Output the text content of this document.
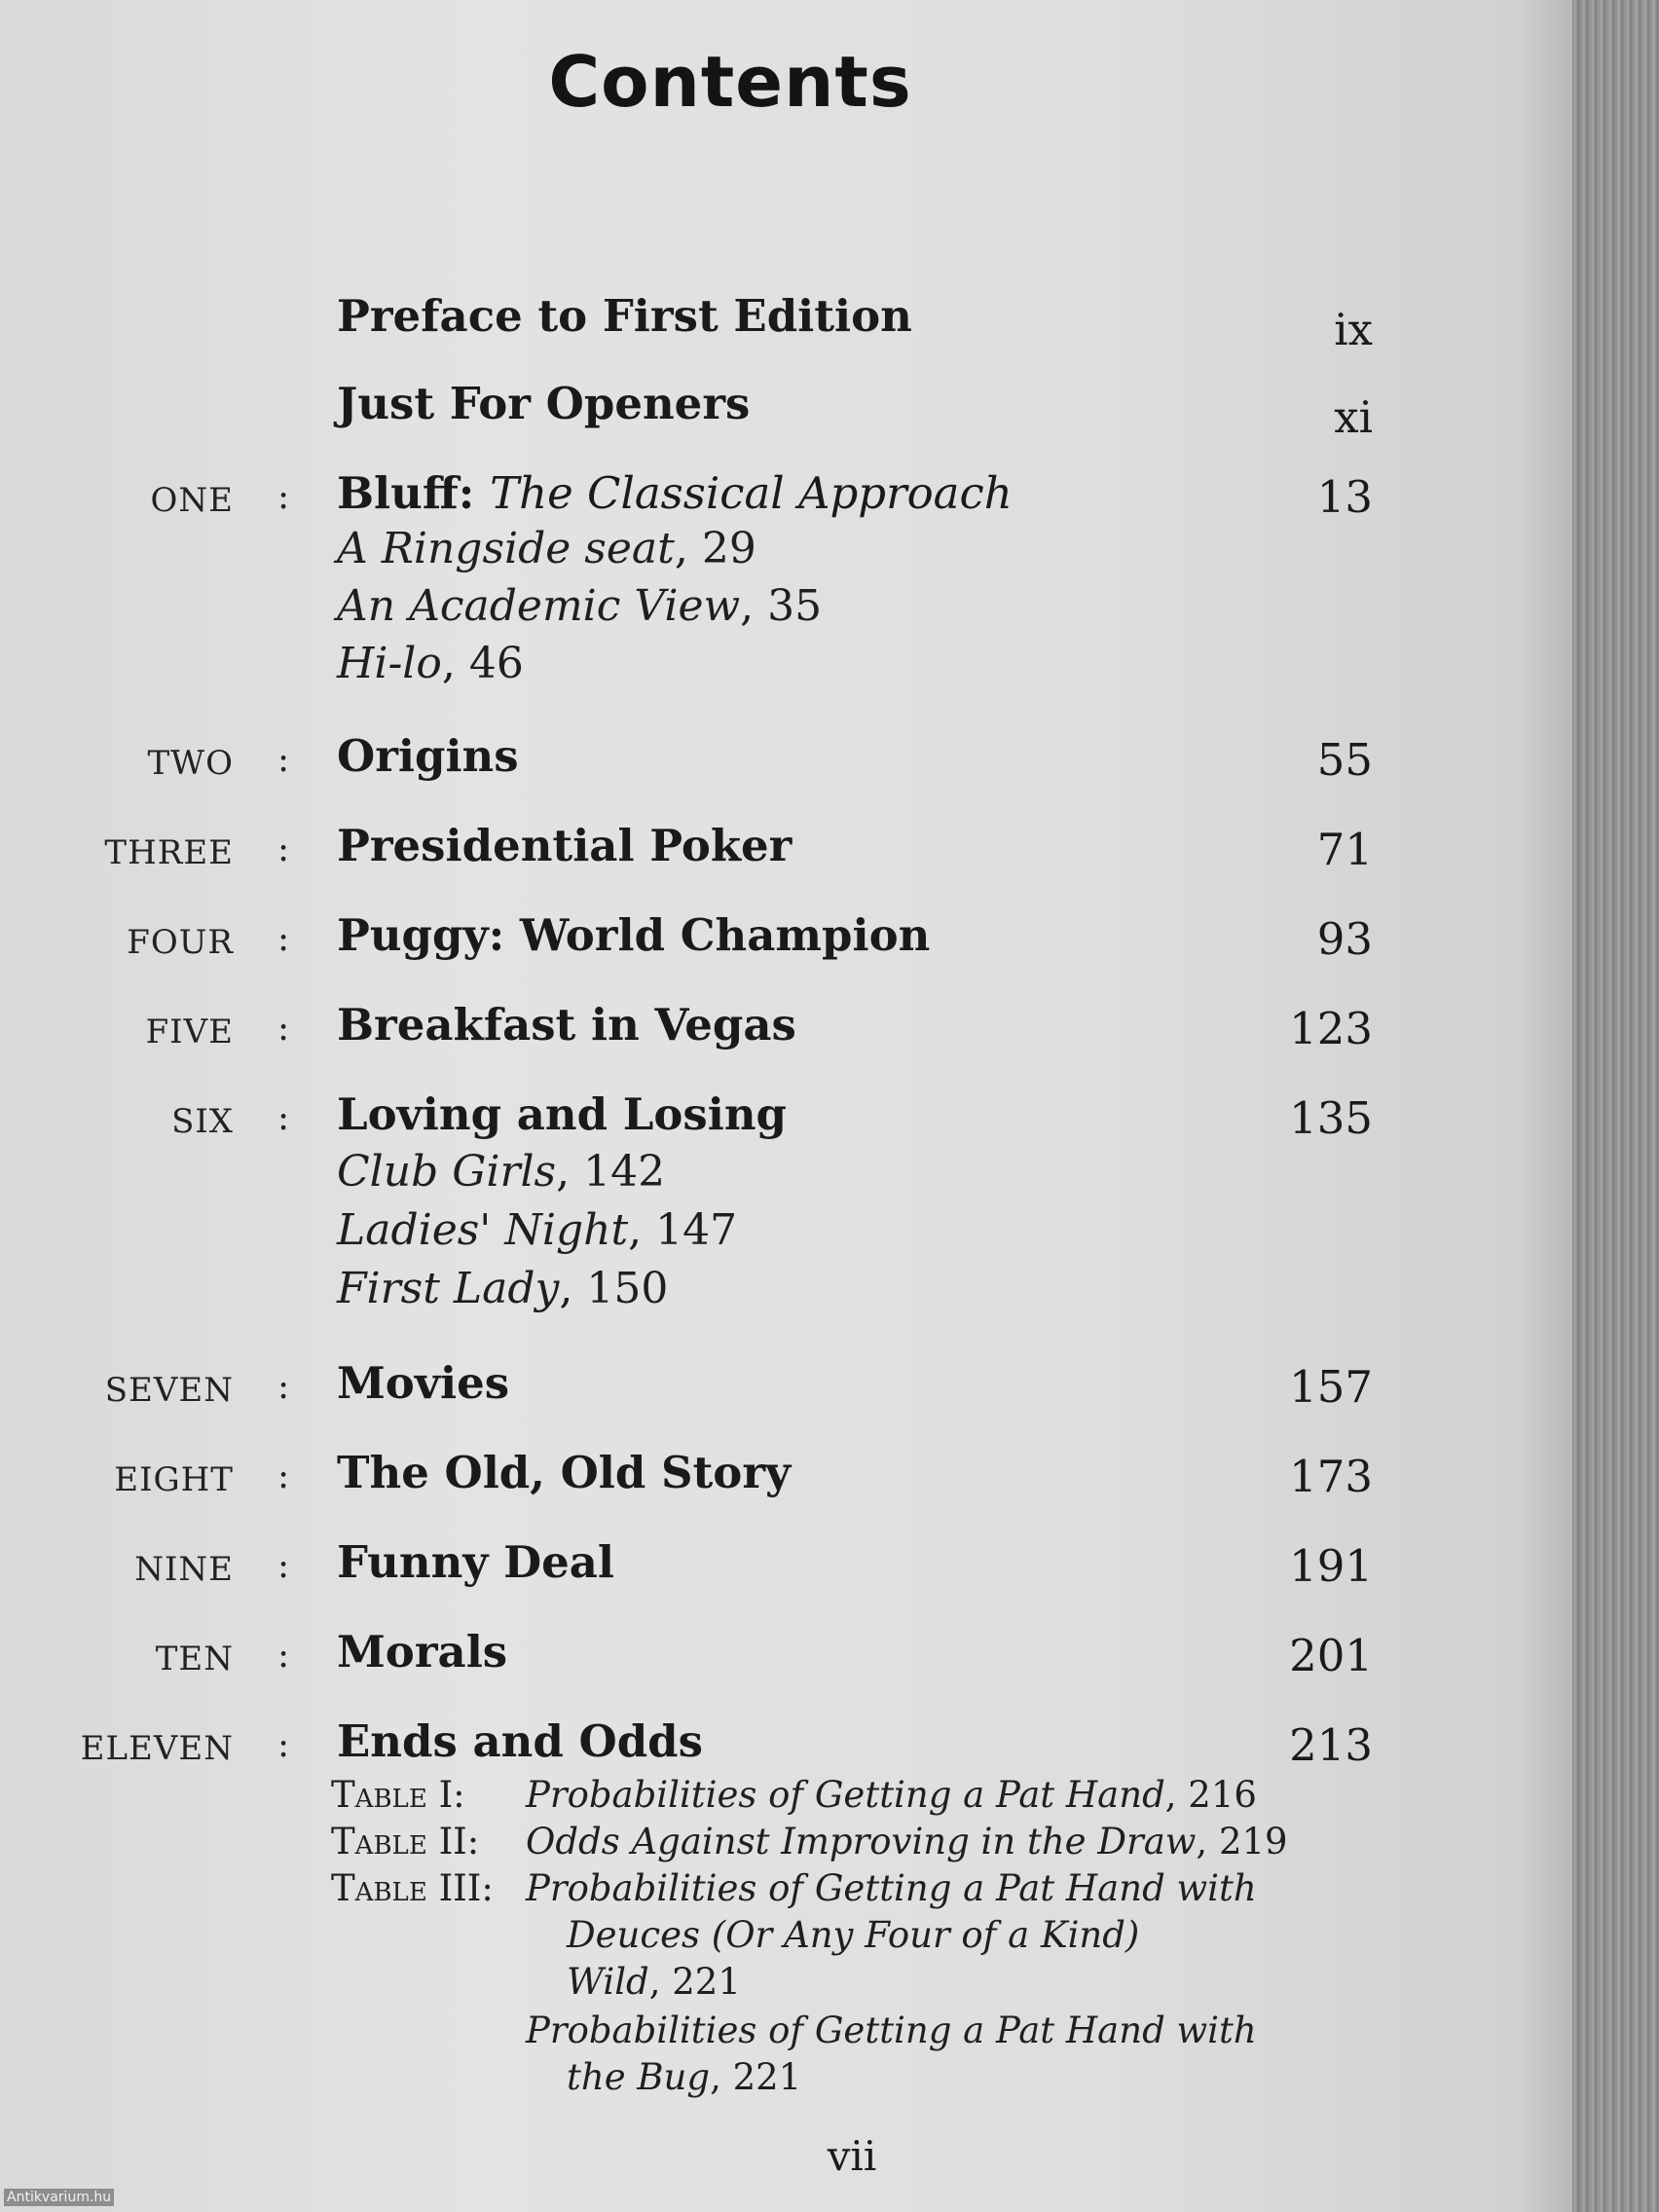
Contents
Preface to First Edition	ix
Just For Openers	xi
ONE : Bluff: The Classical Approach	13
A Ringside seat, 29
An Academic View, 35
Hi-lo, 46
TWO : Origins	55
THREE : Presidential Poker	71
FOUR : Puggy: World Champion	93
FIVE : Breakfast in Vegas	123
SIX : Loving and Losing	135
Club Girls, 142
Ladies' Night, 147
First Lady, 150
SEVEN : Movies	157
EIGHT : The Old, Old Story	173
NINE : Funny Deal	191
TEN : Morals	201
ELEVEN : Ends and Odds	213
Table I: Probabilities of Getting a Pat Hand, 216
Table II: Odds Against Improving in the Draw, 219
Table III: Probabilities of Getting a Pat Hand with
Deuces (Or Any Four of a Kind)
Wild, 221
Probabilities of Getting a Pat Hand with
the Bug, 221
vii
Antikvarium.hu
